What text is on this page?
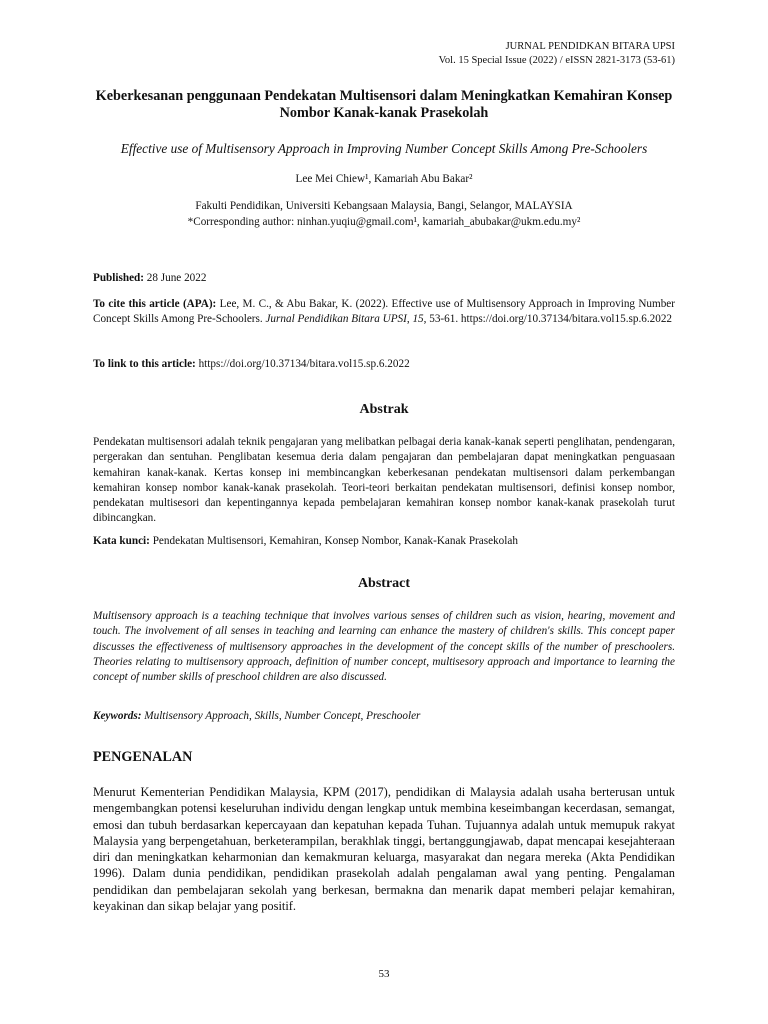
JURNAL PENDIDKAN BITARA UPSI
Vol. 15 Special Issue (2022) / eISSN 2821-3173 (53-61)
Keberkesanan penggunaan Pendekatan Multisensori dalam Meningkatkan Kemahiran Konsep Nombor Kanak-kanak Prasekolah
Effective use of Multisensory Approach in Improving Number Concept Skills Among Pre-Schoolers
Lee Mei Chiew¹, Kamariah Abu Bakar²
Fakulti Pendidikan, Universiti Kebangsaan Malaysia, Bangi, Selangor, MALAYSIA
*Corresponding author: ninhan.yuqiu@gmail.com¹, kamariah_abubakar@ukm.edu.my²
Published: 28 June 2022
To cite this article (APA): Lee, M. C., & Abu Bakar, K. (2022). Effective use of Multisensory Approach in Improving Number Concept Skills Among Pre-Schoolers. Jurnal Pendidikan Bitara UPSI, 15, 53-61. https://doi.org/10.37134/bitara.vol15.sp.6.2022
To link to this article: https://doi.org/10.37134/bitara.vol15.sp.6.2022
Abstrak
Pendekatan multisensori adalah teknik pengajaran yang melibatkan pelbagai deria kanak-kanak seperti penglihatan, pendengaran, pergerakan dan sentuhan. Penglibatan kesemua deria dalam pengajaran dan pembelajaran dapat meningkatkan penguasaan kemahiran kanak-kanak. Kertas konsep ini membincangkan keberkesanan pendekatan multisensori dalam perkembangan kemahiran konsep nombor kanak-kanak prasekolah. Teori-teori berkaitan pendekatan multisensori, definisi konsep nombor, pendekatan multisesori dan kepentingannya kepada pembelajaran kemahiran konsep nombor kanak-kanak prasekolah turut dibincangkan.
Kata kunci: Pendekatan Multisensori, Kemahiran, Konsep Nombor, Kanak-Kanak Prasekolah
Abstract
Multisensory approach is a teaching technique that involves various senses of children such as vision, hearing, movement and touch. The involvement of all senses in teaching and learning can enhance the mastery of children's skills. This concept paper discusses the effectiveness of multisensory approaches in the development of the concept skills of the number of preschoolers. Theories relating to multisensory approach, definition of number concept, multisesory approach and importance to learning the concept of number skills of preschool children are also discussed.
Keywords: Multisensory Approach, Skills, Number Concept, Preschooler
PENGENALAN
Menurut Kementerian Pendidikan Malaysia, KPM (2017), pendidikan di Malaysia adalah usaha berterusan untuk mengembangkan potensi keseluruhan individu dengan lengkap untuk membina keseimbangan kecerdasan, semangat, emosi dan tubuh berdasarkan kepercayaan dan kepatuhan kepada Tuhan. Tujuannya adalah untuk memupuk rakyat Malaysia yang berpengetahuan, berketerampilan, berakhlak tinggi, bertanggungjawab, dapat mencapai kesejahteraan diri dan meningkatkan keharmonian dan kemakmuran keluarga, masyarakat dan negara mereka (Akta Pendidikan 1996). Dalam dunia pendidikan, pendidikan prasekolah adalah pengalaman awal yang penting. Pengalaman pendidikan dan pembelajaran sekolah yang berkesan, bermakna dan menarik dapat memberi pelajar kemahiran, keyakinan dan sikap belajar yang positif.
53
